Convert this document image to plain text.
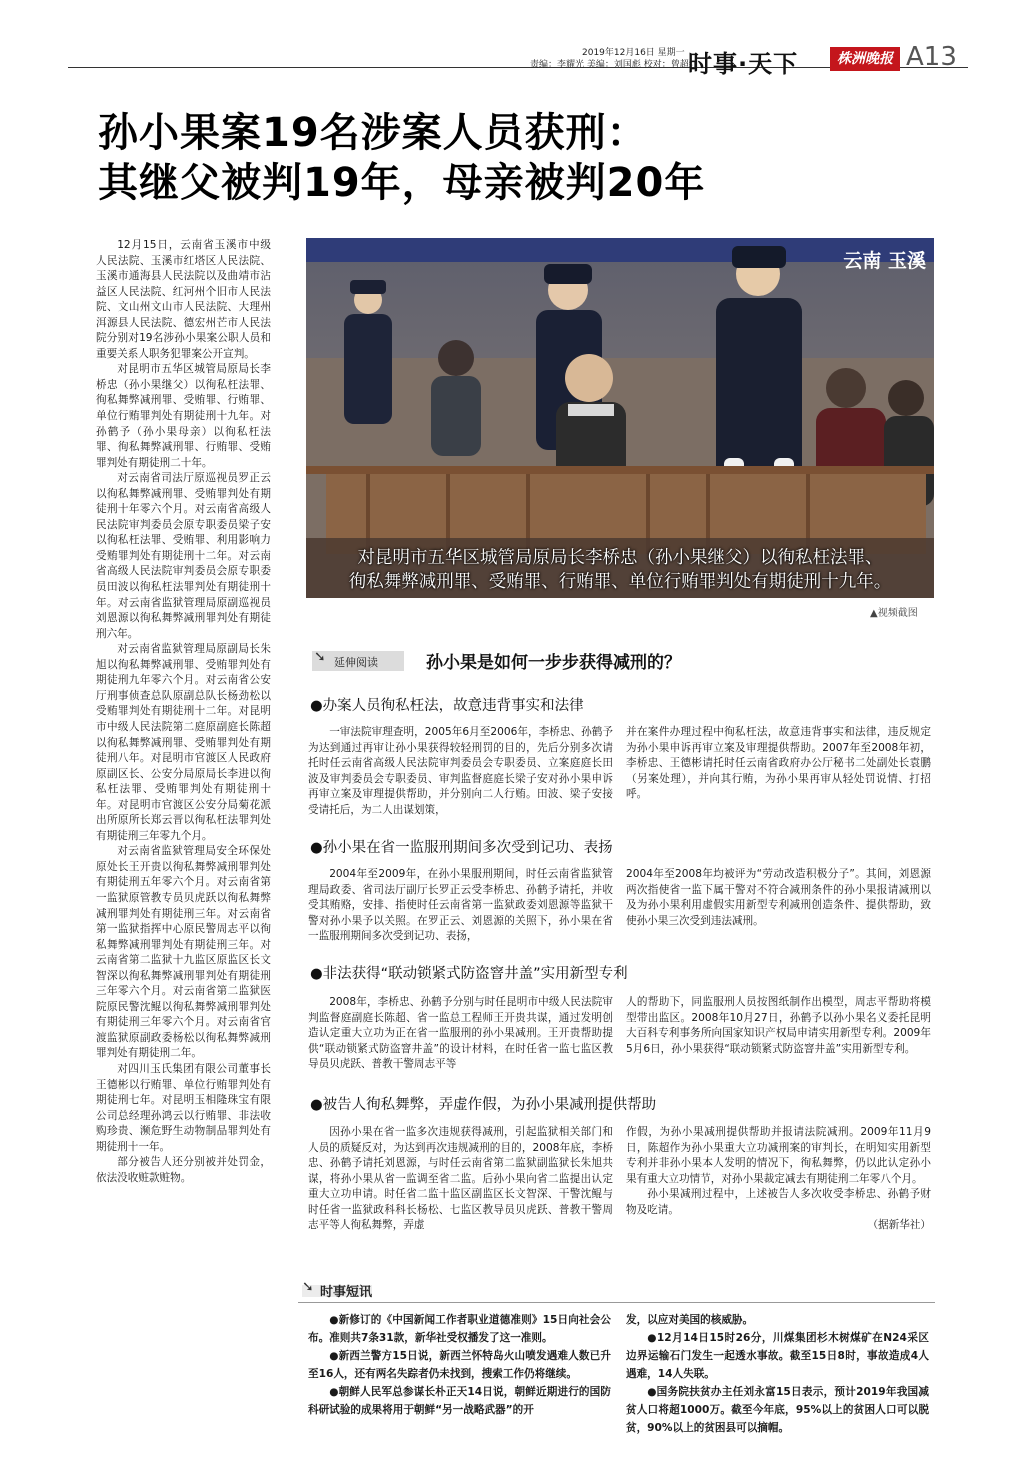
2019年12月16日 星期一
责编：李耀光 美编：刘国彪 校对：曾超红
时事·天下	株洲晚报 A13
孙小果案19名涉案人员获刑：
其继父被判19年，母亲被判20年

12月15日，云南省玉溪市中级人民法院、玉溪市红塔区人民法院、玉溪市通海县人民法院以及曲靖市沾益区人民法院、红河州个旧市人民法院、文山州文山市人民法院、大理州洱源县人民法院、德宏州芒市人民法院分别对19名涉孙小果案公职人员和重要关系人职务犯罪案公开宣判。

对昆明市五华区城管局原局长李桥忠（孙小果继父）以徇私枉法罪、徇私舞弊减刑罪、受贿罪、行贿罪、单位行贿罪判处有期徒刑十九年。对孙鹤予（孙小果母亲）以徇私枉法罪、徇私舞弊减刑罪、行贿罪、受贿罪判处有期徒刑二十年。

对云南省司法厅原巡视员罗正云以徇私舞弊减刑罪、受贿罪判处有期徒刑十年零六个月。对云南省高级人民法院审判委员会原专职委员梁子安以徇私枉法罪、受贿罪、利用影响力受贿罪判处有期徒刑十二年。对云南省高级人民法院审判委员会原专职委员田波以徇私枉法罪判处有期徒刑十年。对云南省监狱管理局原副巡视员刘恩源以徇私舞弊减刑罪判处有期徒刑六年。

对云南省监狱管理局原副局长朱旭以徇私舞弊减刑罪、受贿罪判处有期徒刑九年零六个月。对云南省公安厅刑事侦查总队原副总队长杨劲松以受贿罪判处有期徒刑十二年。对昆明市中级人民法院第二庭原副庭长陈超以徇私舞弊减刑罪、受贿罪判处有期徒刑八年。对昆明市官渡区人民政府原副区长、公安分局原局长李进以徇私枉法罪、受贿罪判处有期徒刑十年。对昆明市官渡区公安分局菊花派出所原所长郑云晋以徇私枉法罪判处有期徒刑三年零九个月。

对云南省监狱管理局安全环保处原处长王开贵以徇私舞弊减刑罪判处有期徒刑五年零六个月。对云南省第一监狱原管教专员贝虎跃以徇私舞弊减刑罪判处有期徒刑三年。对云南省第一监狱指挥中心原民警周志平以徇私舞弊减刑罪判处有期徒刑三年。对云南省第二监狱十九监区原监区长文智深以徇私舞弊减刑罪判处有期徒刑三年零六个月。对云南省第二监狱医院原民警沈鲲以徇私舞弊减刑罪判处有期徒刑三年零六个月。对云南省官渡监狱原副政委杨松以徇私舞弊减刑罪判处有期徒刑二年。

对四川玉氏集团有限公司董事长王德彬以行贿罪、单位行贿罪判处有期徒刑七年。对昆明玉相隆珠宝有限公司总经理孙鸿云以行贿罪、非法收购珍贵、濒危野生动物制品罪判处有期徒刑十一年。

部分被告人还分别被并处罚金，依法没收赃款赃物。

云南 玉溪
对昆明市五华区城管局原局长李桥忠（孙小果继父）以徇私枉法罪、
徇私舞弊减刑罪、受贿罪、行贿罪、单位行贿罪判处有期徒刑十九年。
▲视频截图
➘ 延伸阅读	孙小果是如何一步步获得减刑的？
●办案人员徇私枉法，故意违背事实和法律

一审法院审理查明，2005年6月至2006年，李桥忠、孙鹤予为达到通过再审让孙小果获得较轻刑罚的目的，先后分别多次请托时任云南省高级人民法院审判委员会专职委员、立案庭庭长田波及审判委员会专职委员、审判监督庭庭长梁子安对孙小果申诉再审立案及审理提供帮助，并分别向二人行贿。田波、梁子安接受请托后，为二人出谋划策，

并在案件办理过程中徇私枉法，故意违背事实和法律，违反规定为孙小果申诉再审立案及审理提供帮助。2007年至2008年初，李桥忠、王德彬请托时任云南省政府办公厅秘书二处副处长袁鹏（另案处理），并向其行贿，为孙小果再审从轻处罚说情、打招呼。

●孙小果在省一监服刑期间多次受到记功、表扬

2004年至2009年，在孙小果服刑期间，时任云南省监狱管理局政委、省司法厅副厅长罗正云受李桥忠、孙鹤予请托，并收受其贿赂，安排、指使时任云南省第一监狱政委刘恩源等监狱干警对孙小果予以关照。在罗正云、刘恩源的关照下，孙小果在省一监服刑期间多次受到记功、表扬，

2004年至2008年均被评为“劳动改造积极分子”。其间，刘恩源两次指使省一监下属干警对不符合减刑条件的孙小果报请减刑以及为孙小果利用虚假实用新型专利减刑创造条件、提供帮助，致使孙小果三次受到违法减刑。

●非法获得“联动锁紧式防盗窨井盖”实用新型专利

2008年，李桥忠、孙鹤予分别与时任昆明市中级人民法院审判监督庭副庭长陈超、省一监总工程师王开贵共谋，通过发明创造认定重大立功为正在省一监服刑的孙小果减刑。王开贵帮助提供“联动锁紧式防盗窨井盖”的设计材料，在时任省一监七监区教导员贝虎跃、普教干警周志平等

人的帮助下，同监服刑人员按图纸制作出模型，周志平帮助将模型带出监区。2008年10月27日，孙鹤予以孙小果名义委托昆明大百科专利事务所向国家知识产权局申请实用新型专利。2009年5月6日，孙小果获得“联动锁紧式防盗窨井盖”实用新型专利。

●被告人徇私舞弊，弄虚作假，为孙小果减刑提供帮助

因孙小果在省一监多次违规获得减刑，引起监狱相关部门和人员的质疑反对，为达到再次违规减刑的目的，2008年底，李桥忠、孙鹤予请托刘恩源，与时任云南省第二监狱副监狱长朱旭共谋，将孙小果从省一监调至省二监。后孙小果向省二监提出认定重大立功申请。时任省二监十监区副监区长文智深、干警沈鲲与时任省一监狱政科科长杨松、七监区教导员贝虎跃、普教干警周志平等人徇私舞弊，弄虚

作假，为孙小果减刑提供帮助并报请法院减刑。2009年11月9日，陈超作为孙小果重大立功减刑案的审判长，在明知实用新型专利并非孙小果本人发明的情况下，徇私舞弊，仍以此认定孙小果有重大立功情节，对孙小果裁定减去有期徒刑二年零八个月。

孙小果减刑过程中，上述被告人多次收受李桥忠、孙鹤予财物及吃请。

（据新华社）
➘ 时事短讯

●新修订的《中国新闻工作者职业道德准则》15日向社会公布。准则共7条31款，新华社受权播发了这一准则。

●新西兰警方15日说，新西兰怀特岛火山喷发遇难人数已升至16人，还有两名失踪者仍未找到，搜索工作仍将继续。

●朝鲜人民军总参谋长朴正天14日说，朝鲜近期进行的国防科研试验的成果将用于朝鲜“另一战略武器”的开

发，以应对美国的核威胁。

●12月14日15时26分，川煤集团杉木树煤矿在N24采区边界运输石门发生一起透水事故。截至15日8时，事故造成4人遇难，14人失联。

●国务院扶贫办主任刘永富15日表示，预计2019年我国减贫人口将超1000万。截至今年底，95%以上的贫困人口可以脱贫，90%以上的贫困县可以摘帽。
